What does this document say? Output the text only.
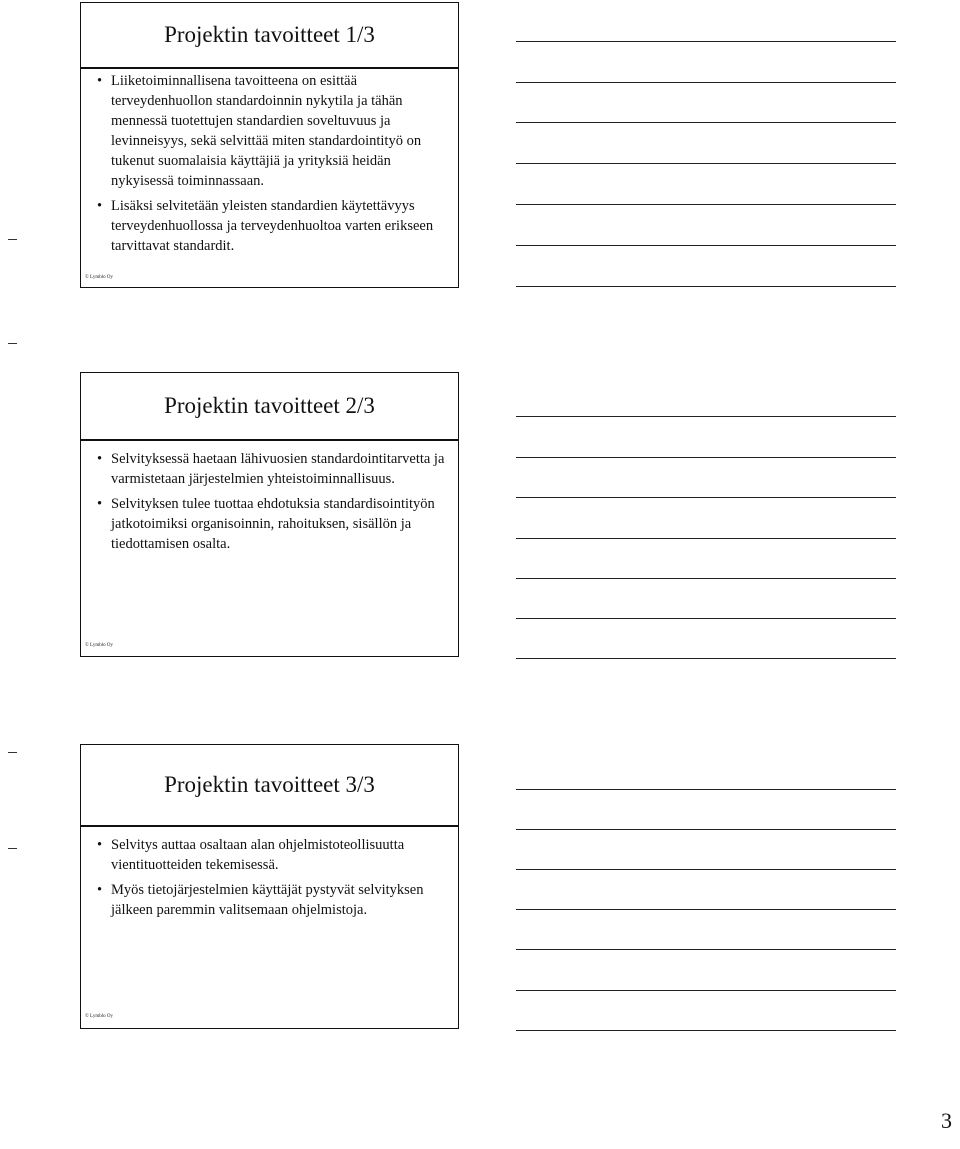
Projektin tavoitteet 1/3
• Liiketoiminnallisena tavoitteena on esittää terveydenhuollon standardoinnin nykytila ja tähän mennessä tuotettujen standardien soveltuvuus ja levinneisyys, sekä selvittää miten standardointityö on tukenut suomalaisia käyttäjiä ja yrityksiä heidän nykyisessä toiminnassaan.
• Lisäksi selvitetään yleisten standardien käytettävyys terveydenhuollossa ja terveydenhuoltoa varten erikseen tarvittavat standardit.
© Lymblo Oy
Projektin tavoitteet 2/3
• Selvityksessä haetaan lähivuosien standardointitarvetta ja varmistetaan järjestelmien yhteistoiminnallisuus.
• Selvityksen tulee tuottaa ehdotuksia standardisointityön jatkotoimiksi organisoinnin, rahoituksen, sisällön ja tiedottamisen osalta.
© Lymblo Oy
Projektin tavoitteet 3/3
• Selvitys auttaa osaltaan alan ohjelmistoteollisuutta vientituotteiden tekemisessä.
• Myös tietojärjestelmien käyttäjät pystyvät selvityksen jälkeen paremmin valitsemaan ohjelmistoja.
© Lymblo Oy
3
